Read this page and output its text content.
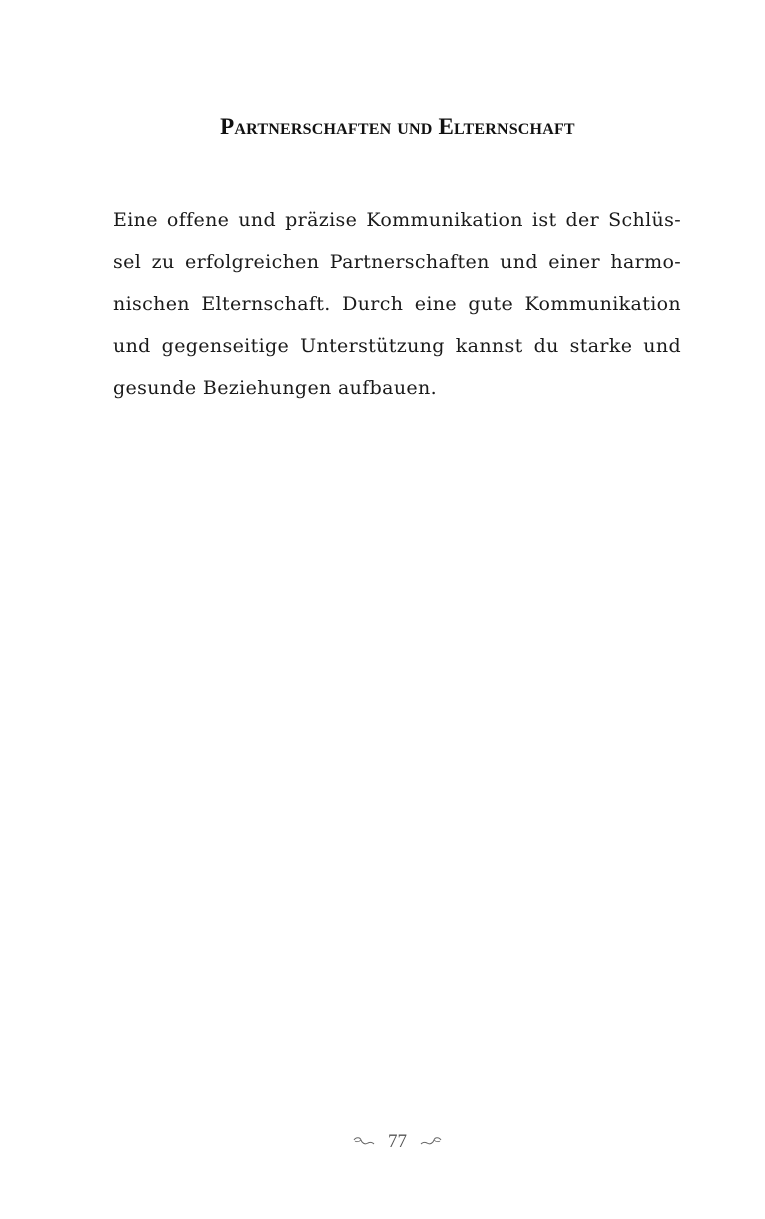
Partnerschaften und Elternschaft
Eine offene und präzise Kommunikation ist der Schlüs-
sel zu erfolgreichen Partnerschaften und einer harmo-
nischen Elternschaft. Durch eine gute Kommunikation
und gegenseitige Unterstützung kannst du starke und
gesunde Beziehungen aufbauen.
77
